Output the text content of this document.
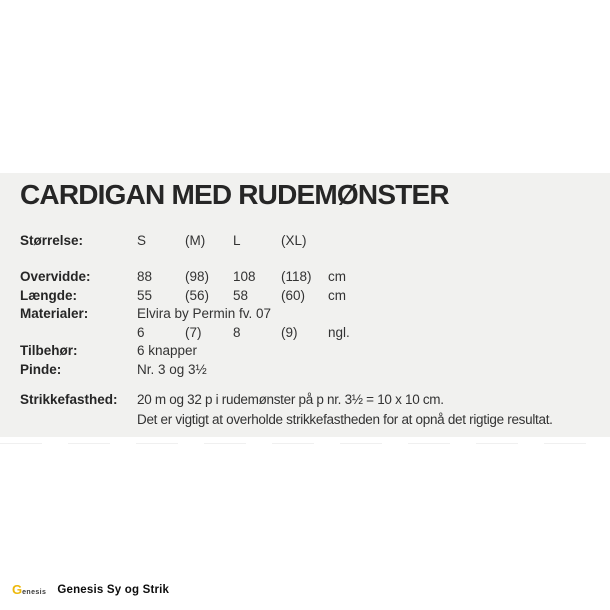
CARDIGAN MED RUDEMØNSTER
Størrelse:	S	(M)	L	(XL)
Overvidde:	88	(98)	108	(118)	cm
Længde:	55	(56)	58	(60)	cm
Materialer:	Elvira by Permin fv. 07
6	(7)	8	(9)	ngl.
Tilbehør:	6 knapper
Pinde:	Nr. 3 og 3½
Strikkefasthed:	20 m og 32 p i rudemønster på p nr. 3½ = 10 x 10 cm.
Det er vigtigt at overholde strikkefastheden for at opnå det rigtige resultat.
G enesis Genesis Sy og Strik
